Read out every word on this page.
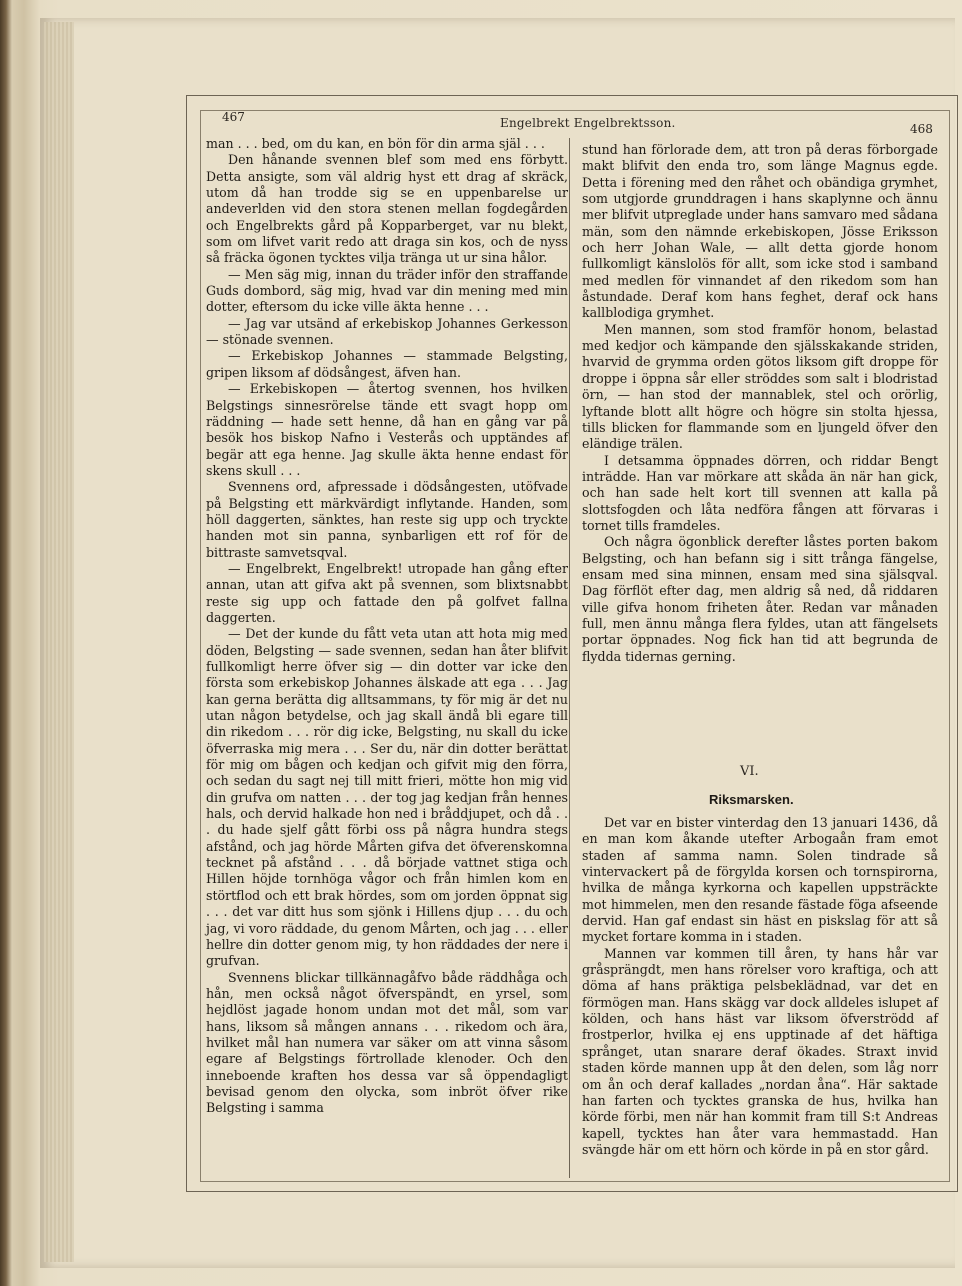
467	Engelbrekt Engelbrektsson.	468

man . . . bed, om du kan, en bön för din arma själ . . .

Den hånande svennen blef som med ens förbytt. Detta ansigte, som väl aldrig hyst ett drag af skräck, utom då han trodde sig se en uppenbarelse ur andeverlden vid den stora stenen mellan fogdegården och Engelbrekts gård på Kopparberget, var nu blekt, som om lifvet varit redo att draga sin kos, och de nyss så fräcka ögonen tycktes vilja tränga ut ur sina hålor.

— Men säg mig, innan du träder inför den straffande Guds dombord, säg mig, hvad var din mening med min dotter, eftersom du icke ville äkta henne . . .

— Jag var utsänd af erkebiskop Johannes Gerkesson — stönade svennen.

— Erkebiskop Johannes — stammade Belgsting, gripen liksom af dödsångest, äfven han.

— Erkebiskopen — återtog svennen, hos hvilken Belgstings sinnesrörelse tände ett svagt hopp om räddning — hade sett henne, då han en gång var på besök hos biskop Nafno i Vesterås och upptändes af begär att ega henne. Jag skulle äkta henne endast för skens skull . . .

Svennens ord, afpressade i dödsångesten, utöfvade på Belgsting ett märkvärdigt inflytande. Handen, som höll daggerten, sänktes, han reste sig upp och tryckte handen mot sin panna, synbarligen ett rof för de bittraste samvetsqval.

— Engelbrekt, Engelbrekt! utropade han gång efter annan, utan att gifva akt på svennen, som blixtsnabbt reste sig upp och fattade den på golfvet fallna daggerten.

— Det der kunde du fått veta utan att hota mig med döden, Belgsting — sade svennen, sedan han åter blifvit fullkomligt herre öfver sig — din dotter var icke den första som erkebiskop Johannes älskade att ega . . . Jag kan gerna berätta dig alltsammans, ty för mig är det nu utan någon betydelse, och jag skall ändå bli egare till din rikedom . . . rör dig icke, Belgsting, nu skall du icke öfverraska mig mera . . . Ser du, när din dotter berättat för mig om bågen och kedjan och gifvit mig den förra, och sedan du sagt nej till mitt frieri, mötte hon mig vid din grufva om natten . . . der tog jag kedjan från hennes hals, och dervid halkade hon ned i bråddjupet, och då . . . du hade sjelf gått förbi oss på några hundra stegs afstånd, och jag hörde Mårten gifva det öfverenskomna tecknet på afstånd . . . då började vattnet stiga och Hillen höjde tornhöga vågor och från himlen kom en störtflod och ett brak hördes, som om jorden öppnat sig . . . det var ditt hus som sjönk i Hillens djup . . . du och jag, vi voro räddade, du genom Mårten, och jag . . . eller hellre din dotter genom mig, ty hon räddades der nere i grufvan.

Svennens blickar tillkännagåfvo både räddhåga och hån, men också något öfverspändt, en yrsel, som hejdlöst jagade honom undan mot det mål, som var hans, liksom så mången annans . . . rikedom och ära, hvilket mål han numera var säker om att vinna såsom egare af Belgstings förtrollade klenoder. Och den inneboende kraften hos dessa var så öppendagligt bevisad genom den olycka, som inbröt öfver rike Belgsting i samma

stund han förlorade dem, att tron på deras förborgade makt blifvit den enda tro, som länge Magnus egde. Detta i förening med den råhet och obändiga grymhet, som utgjorde grunddragen i hans skaplynne och ännu mer blifvit utpreglade under hans samvaro med sådana män, som den nämnde erkebiskopen, Jösse Eriksson och herr Johan Wale, — allt detta gjorde honom fullkomligt känslolös för allt, som icke stod i samband med medlen för vinnandet af den rikedom som han åstundade. Deraf kom hans feghet, deraf ock hans kallblodiga grymhet.

Men mannen, som stod framför honom, belastad med kedjor och kämpande den själsskakande striden, hvarvid de grymma orden götos liksom gift droppe för droppe i öppna sår eller ströddes som salt i blodristad örn, — han stod der mannablek, stel och orörlig, lyftande blott allt högre och högre sin stolta hjessa, tills blicken for flammande som en ljungeld öfver den eländige trälen.

I detsamma öppnades dörren, och riddar Bengt inträdde. Han var mörkare att skåda än när han gick, och han sade helt kort till svennen att kalla på slottsfogden och låta nedföra fången att förvaras i tornet tills framdeles.

Och några ögonblick derefter låstes porten bakom Belgsting, och han befann sig i sitt trånga fängelse, ensam med sina minnen, ensam med sina själsqval. Dag förflöt efter dag, men aldrig så ned, då riddaren ville gifva honom friheten åter. Redan var månaden full, men ännu många flera fyldes, utan att fängelsets portar öppnades. Nog fick han tid att begrunda de flydda tidernas gerning.

VI.
Riksmarsken.

Det var en bister vinterdag den 13 januari 1436, då en man kom åkande utefter Arbogaån fram emot staden af samma namn. Solen tindrade så vintervackert på de förgylda korsen och tornspirorna, hvilka de många kyrkorna och kapellen uppsträckte mot himmelen, men den resande fästade föga afseende dervid. Han gaf endast sin häst en piskslag för att så mycket fortare komma in i staden.

Mannen var kommen till åren, ty hans hår var gråsprängdt, men hans rörelser voro kraftiga, och att döma af hans präktiga pelsbeklädnad, var det en förmögen man. Hans skägg var dock alldeles islupet af kölden, och hans häst var liksom öfverströdd af frostperlor, hvilka ej ens upptinade af det häftiga språnget, utan snarare deraf ökades. Straxt invid staden körde mannen upp åt den delen, som låg norr om ån och deraf kallades „nordan åna“. Här saktade han farten och tycktes granska de hus, hvilka han körde förbi, men när han kommit fram till S:t Andreas kapell, tycktes han åter vara hemmastadd. Han svängde här om ett hörn och körde in på en stor gård.
